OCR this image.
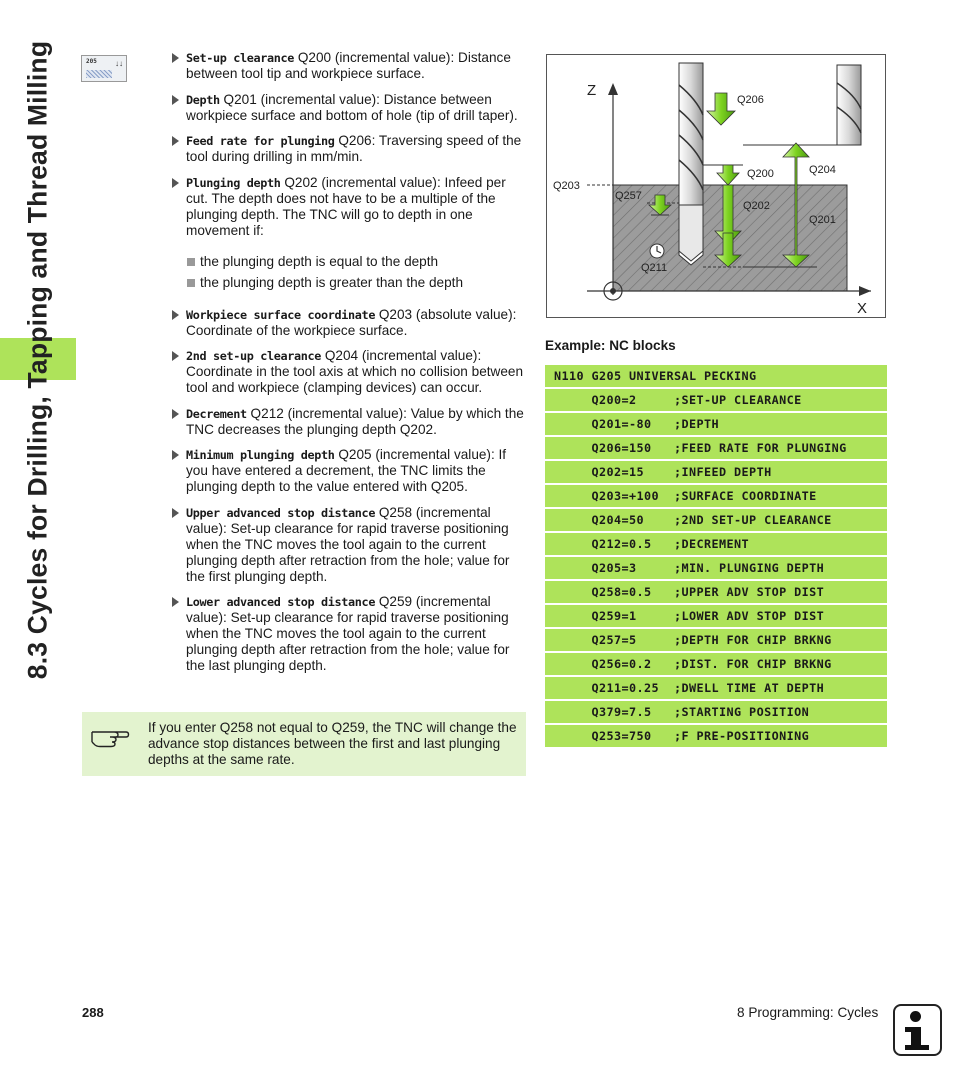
8.3 Cycles for Drilling, Tapping and Thread Milling	205 ↓↓	Set-up clearance Q200 (incremental value): Distance between tool tip and workpiece surface.
Depth Q201 (incremental value): Distance between workpiece surface and bottom of hole (tip of drill taper).
Feed rate for plunging Q206: Traversing speed of the tool during drilling in mm/min.
Plunging depth Q202 (incremental value): Infeed per cut. The depth does not have to be a multiple of the plunging depth. The TNC will go to depth in one movement if:
the plunging depth is equal to the depth
the plunging depth is greater than the depth
Workpiece surface coordinate Q203 (absolute value): Coordinate of the workpiece surface.
2nd set-up clearance Q204 (incremental value): Coordinate in the tool axis at which no collision between tool and workpiece (clamping devices) can occur.
Decrement Q212 (incremental value): Value by which the TNC decreases the plunging depth Q202.
Minimum plunging depth Q205 (incremental value): If you have entered a decrement, the TNC limits the plunging depth to the value entered with Q205.
Upper advanced stop distance Q258 (incremental value): Set-up clearance for rapid traverse positioning when the TNC moves the tool again to the current plunging depth after retraction from the hole; value for the first plunging depth.
Lower advanced stop distance Q259 (incremental value): Set-up clearance for rapid traverse positioning when the TNC moves the tool again to the current plunging depth after retraction from the hole; value for the last plunging depth.
If you enter Q258 not equal to Q259, the TNC will change the advance stop distances between the first and last plunging depths at the same rate.
Z
X
Q206
Q200	Q204
Q203
Q257
Q202
Q201
Q211
Example: NC blocks
N110 G205 UNIVERSAL PECKING
Q200=2     ;SET-UP CLEARANCE
Q201=-80   ;DEPTH
Q206=150   ;FEED RATE FOR PLUNGING
Q202=15    ;INFEED DEPTH
Q203=+100  ;SURFACE COORDINATE
Q204=50    ;2ND SET-UP CLEARANCE
Q212=0.5   ;DECREMENT
Q205=3     ;MIN. PLUNGING DEPTH
Q258=0.5   ;UPPER ADV STOP DIST
Q259=1     ;LOWER ADV STOP DIST
Q257=5     ;DEPTH FOR CHIP BRKNG
Q256=0.2   ;DIST. FOR CHIP BRKNG
Q211=0.25  ;DWELL TIME AT DEPTH
Q379=7.5   ;STARTING POSITION
Q253=750   ;F PRE-POSITIONING
288	8 Programming: Cycles
